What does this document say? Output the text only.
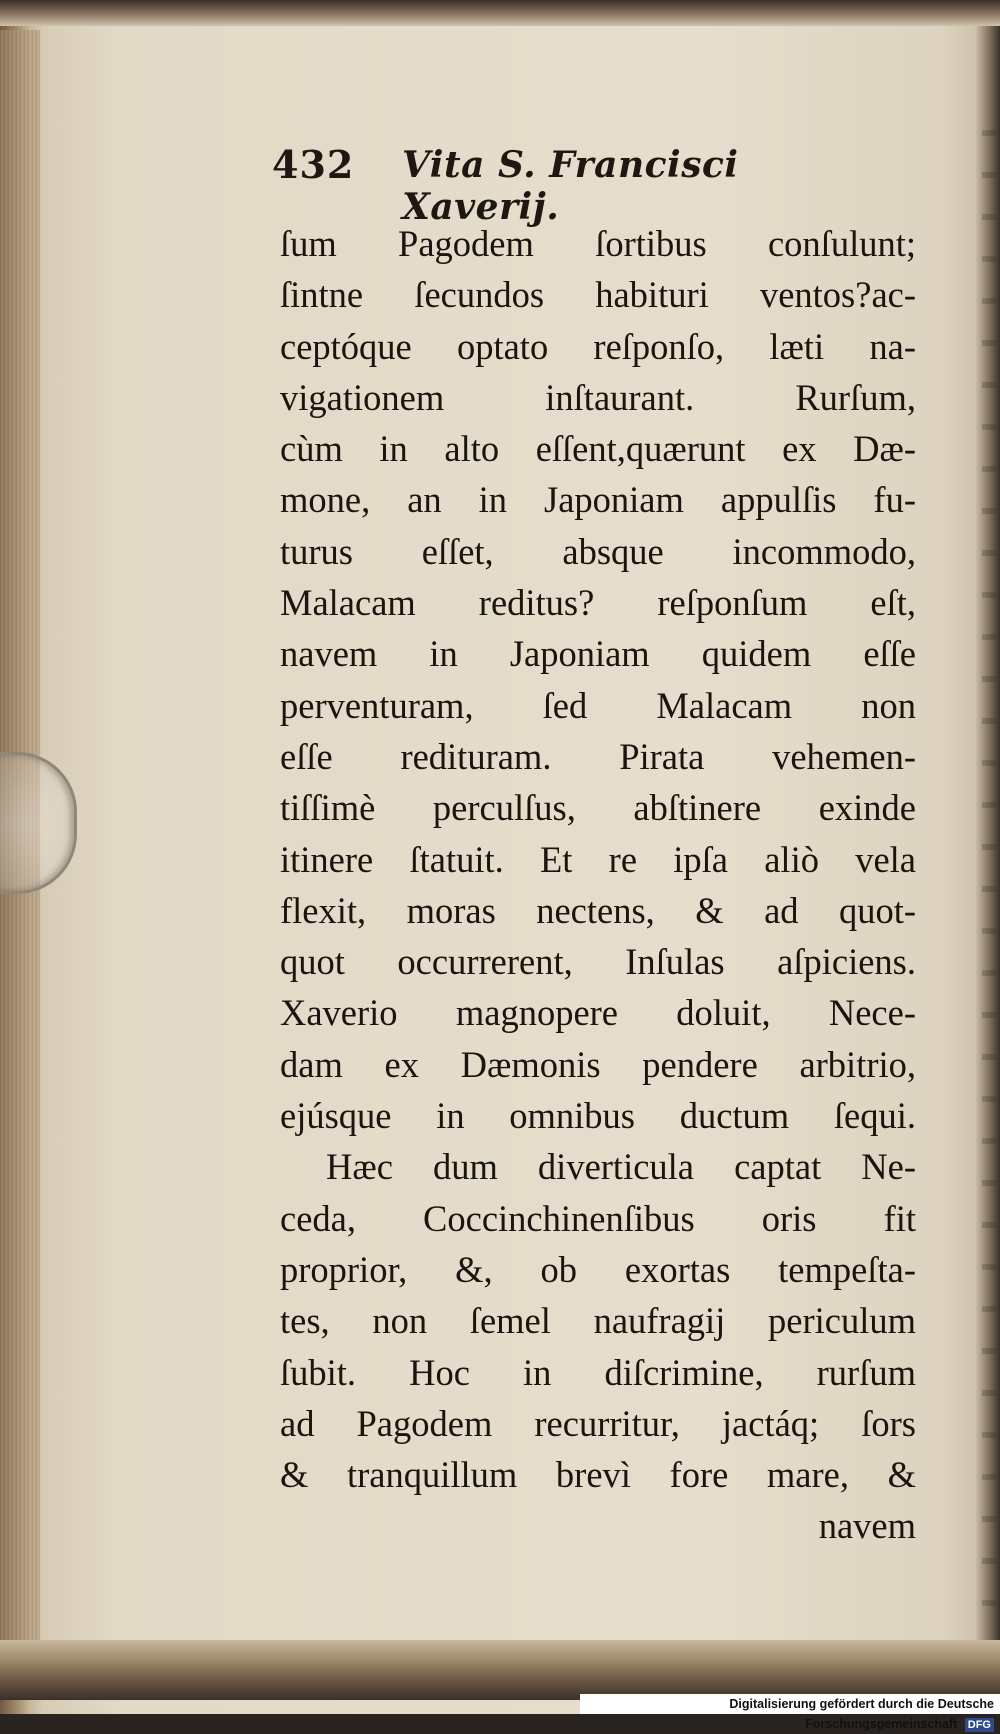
432 Vita S. Francisci Xaverij.
ſum Pagodem ſortibus conſulunt;
ſintne ſecundos habituri ventos?ac-
ceptóque optato reſponſo, læti na-
vigationem inſtaurant. Rurſum,
cùm in alto eſſent,quærunt ex Dæ-
mone, an in Japoniam appulſis fu-
turus eſſet, absque incommodo,
Malacam reditus? reſponſum eſt,
navem in Japoniam quidem eſſe
perventuram, ſed Malacam non
eſſe redituram. Pirata vehemen-
tiſſimè perculſus, abſtinere exinde
itinere ſtatuit. Et re ipſa aliò vela
flexit, moras nectens, & ad quot-
quot occurrerent, Inſulas aſpiciens.
Xaverio magnopere doluit, Nece-
dam ex Dæmonis pendere arbitrio,
ejúsque in omnibus ductum ſequi.
Hæc dum diverticula captat Ne-
ceda, Coccinchinenſibus oris fit
proprior, &, ob exortas tempeſta-
tes, non ſemel naufragij periculum
ſubit. Hoc in diſcrimine, rurſum
ad Pagodem recurritur, jactáq; ſors
& tranquillum brevì fore mare, &
navem
Digitalisierung gefördert durch die Deutsche Forschungsgemeinschaft DFG
